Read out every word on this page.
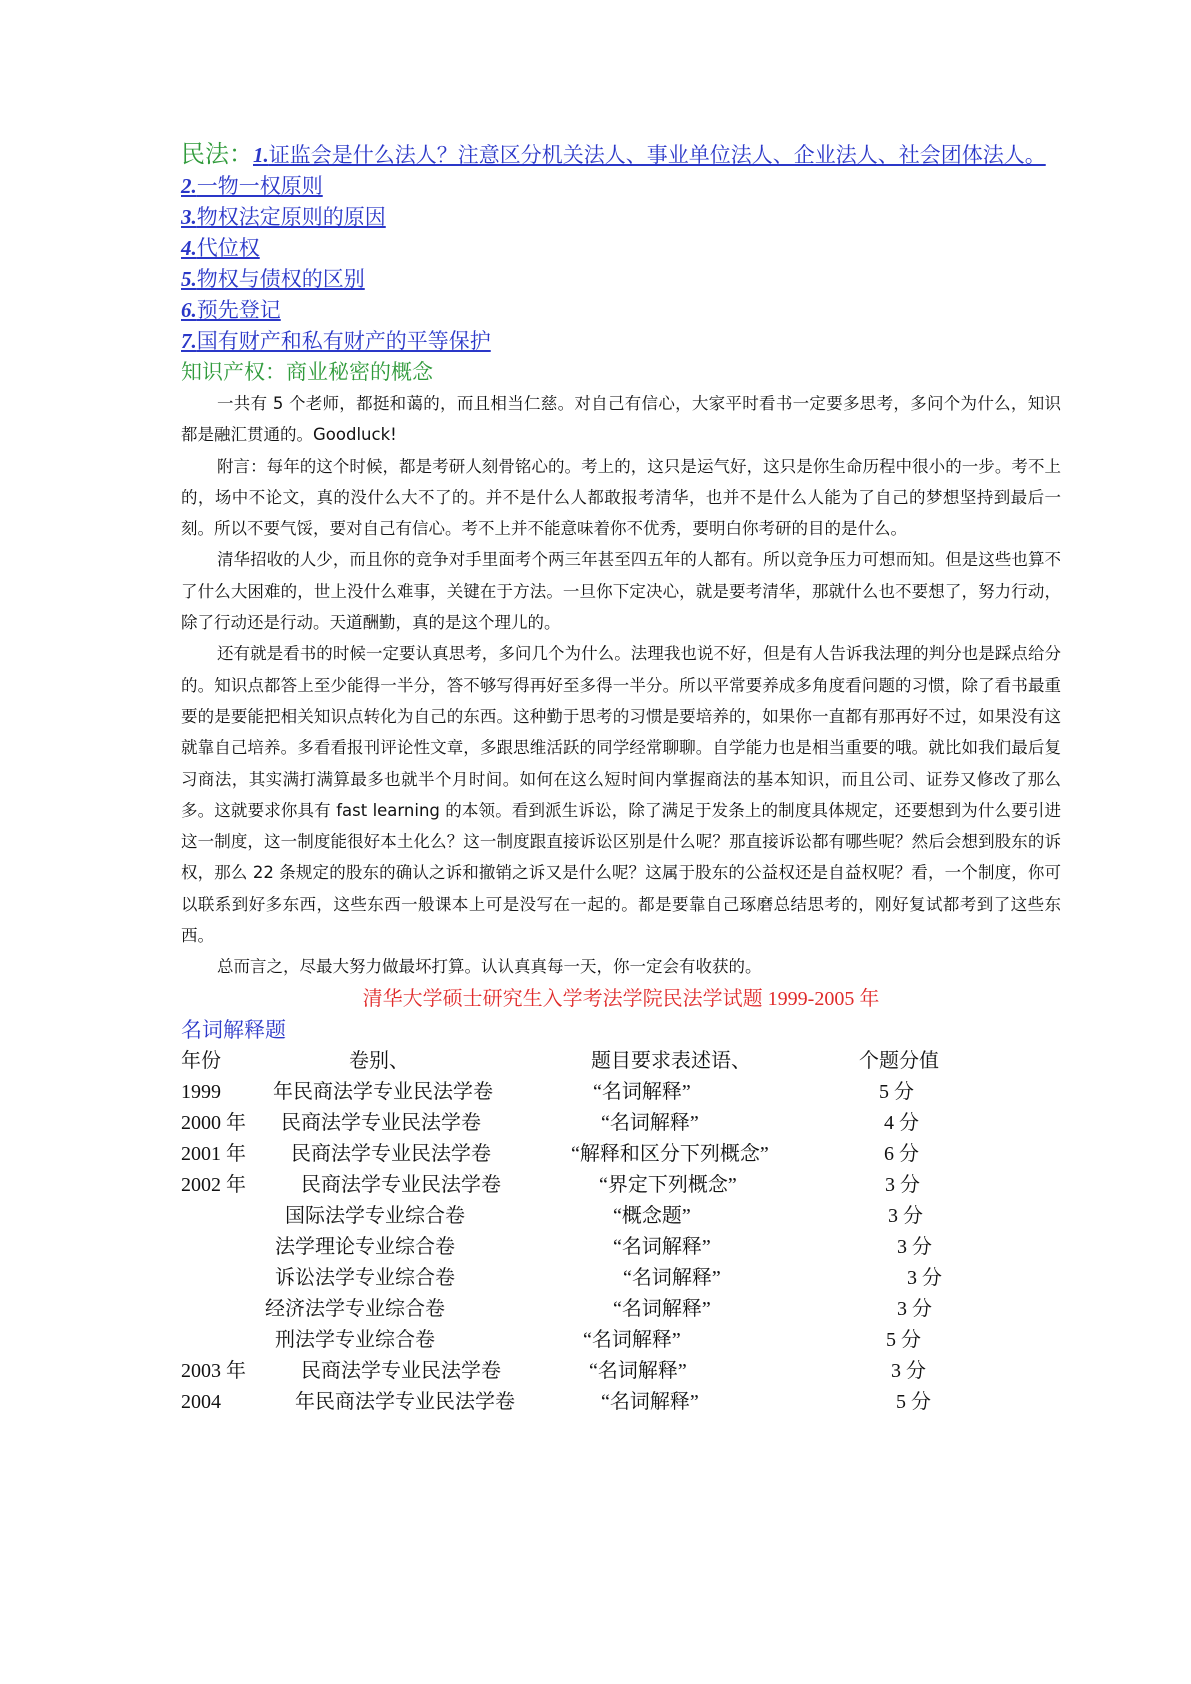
民法：1.证监会是什么法人？注意区分机关法人、事业单位法人、企业法人、社会团体法人。
2.一物一权原则
3.物权法定原则的原因
4.代位权
5.物权与债权的区别
6.预先登记
7.国有财产和私有财产的平等保护
知识产权：商业秘密的概念

一共有 5 个老师，都挺和蔼的，而且相当仁慈。对自己有信心，大家平时看书一定要多思考，多问个为什么，知识都是融汇贯通的。Goodluck!

附言：每年的这个时候，都是考研人刻骨铭心的。考上的，这只是运气好，这只是你生命历程中很小的一步。考不上的，场中不论文，真的没什么大不了的。并不是什么人都敢报考清华，也并不是什么人能为了自己的梦想坚持到最后一刻。所以不要气馁，要对自己有信心。考不上并不能意味着你不优秀，要明白你考研的目的是什么。

清华招收的人少，而且你的竞争对手里面考个两三年甚至四五年的人都有。所以竞争压力可想而知。但是这些也算不了什么大困难的，世上没什么难事，关键在于方法。一旦你下定决心，就是要考清华，那就什么也不要想了，努力行动，除了行动还是行动。天道酬勤，真的是这个理儿的。

还有就是看书的时候一定要认真思考，多问几个为什么。法理我也说不好，但是有人告诉我法理的判分也是踩点给分的。知识点都答上至少能得一半分，答不够写得再好至多得一半分。所以平常要养成多角度看问题的习惯，除了看书最重要的是要能把相关知识点转化为自己的东西。这种勤于思考的习惯是要培养的，如果你一直都有那再好不过，如果没有这就靠自己培养。多看看报刊评论性文章，多跟思维活跃的同学经常聊聊。自学能力也是相当重要的哦。就比如我们最后复习商法，其实满打满算最多也就半个月时间。如何在这么短时间内掌握商法的基本知识，而且公司、证券又修改了那么多。这就要求你具有 fast learning 的本领。看到派生诉讼，除了满足于发条上的制度具体规定，还要想到为什么要引进这一制度，这一制度能很好本土化么？这一制度跟直接诉讼区别是什么呢？那直接诉讼都有哪些呢？然后会想到股东的诉权，那么 22 条规定的股东的确认之诉和撤销之诉又是什么呢？这属于股东的公益权还是自益权呢？看，一个制度，你可以联系到好多东西，这些东西一般课本上可是没写在一起的。都是要靠自己琢磨总结思考的，刚好复试都考到了这些东西。

总而言之，尽最大努力做最坏打算。认认真真每一天，你一定会有收获的。

清华大学硕士研究生入学考法学院民法学试题 1999-2005 年
名词解释题
年份	卷别、	题目要求表述语、	个题分值
1999	年民商法学专业民法学卷	“名词解释”	5 分
2000 年 民商法学专业民法学卷	“名词解释”	4 分
2001 年 民商法学专业民法学卷	“解释和区分下列概念”	6 分
2002 年	民商法学专业民法学卷	“界定下列概念”	3 分
国际法学专业综合卷	“概念题”	3 分
法学理论专业综合卷	“名词解释”	3 分
诉讼法学专业综合卷	“名词解释”	3 分
经济法学专业综合卷	“名词解释”	3 分
刑法学专业综合卷	“名词解释”	5 分
2003 年	民商法学专业民法学卷	“名词解释”	3 分
2004	年民商法学专业民法学卷	“名词解释”	5 分
